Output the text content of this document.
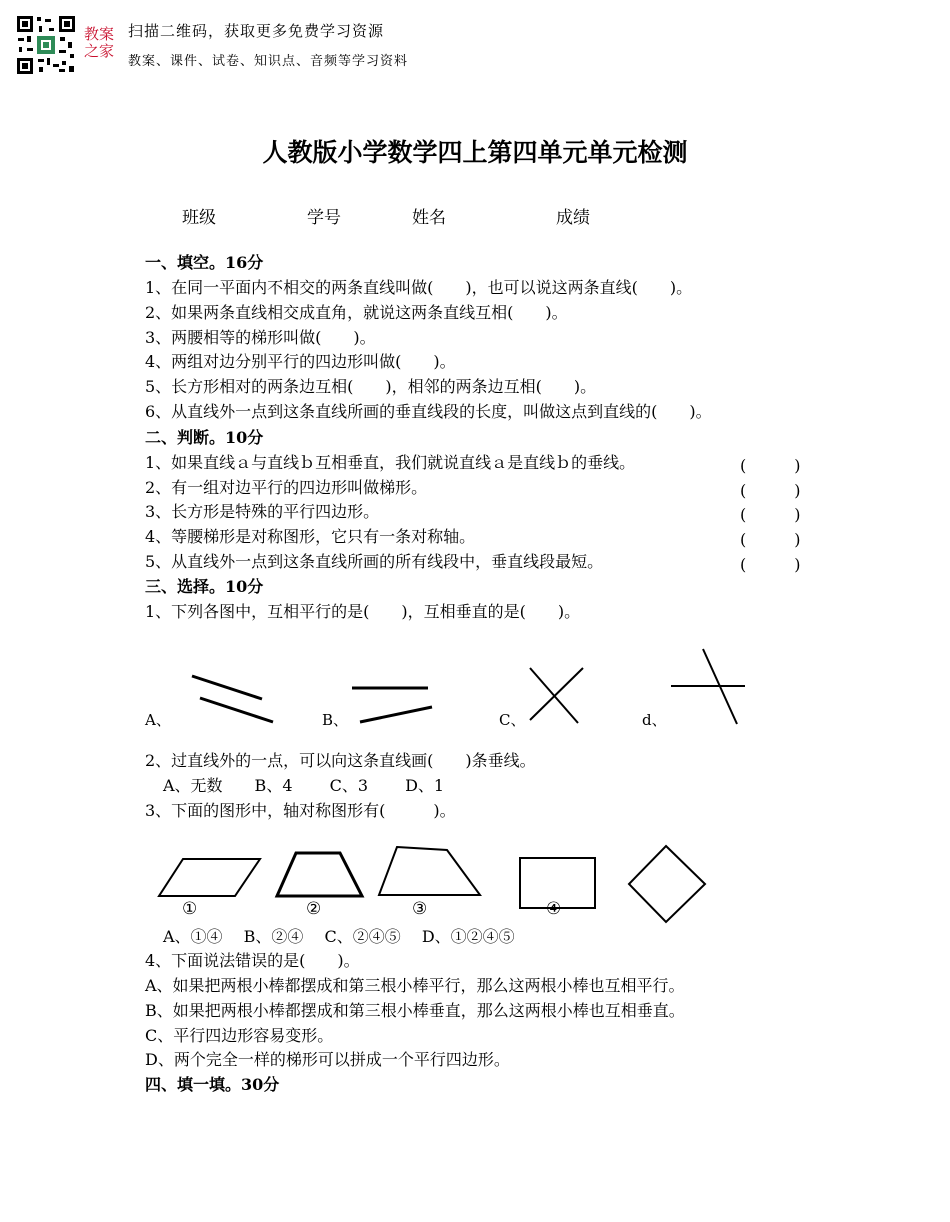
教案之家
扫描二维码，获取更多免费学习资源
教案、课件、试卷、知识点、音频等学习资料
人教版小学数学四上第四单元单元检测
班级	学号	姓名	成绩
一、填空。16分
1、在同一平面内不相交的两条直线叫做(　　)，也可以说这两条直线(　　)。
2、如果两条直线相交成直角，就说这两条直线互相(　　)。
3、两腰相等的梯形叫做(　　)。
4、两组对边分别平行的四边形叫做(　　)。
5、长方形相对的两条边互相(　　)，相邻的两条边互相(　　)。
6、从直线外一点到这条直线所画的垂直线段的长度，叫做这点到直线的(　　)。
二、判断。10分
1、如果直线ａ与直线ｂ互相垂直，我们就说直线ａ是直线ｂ的垂线。	(　　　)
2、有一组对边平行的四边形叫做梯形。	(　　　)
3、长方形是特殊的平行四边形。	(　　　)
4、等腰梯形是对称图形，它只有一条对称轴。	(　　　)
5、从直线外一点到这条直线所画的所有线段中，垂直线段最短。	(　　　)
三、选择。10分
1、下列各图中，互相平行的是(　　)，互相垂直的是(　　)。
A、	B、	C、	d、
2、过直线外的一点，可以向这条直线画(　　)条垂线。
A、无数　　B、4　　 C、3　　 D、1
3、下面的图形中，轴对称图形有(　　　)。
①	②	③	④
A、①④　 B、②④　 C、②④⑤　 D、①②④⑤
4、下面说法错误的是(　　)。
A、如果把两根小棒都摆成和第三根小棒平行，那么这两根小棒也互相平行。
B、如果把两根小棒都摆成和第三根小棒垂直，那么这两根小棒也互相垂直。
C、平行四边形容易变形。
D、两个完全一样的梯形可以拼成一个平行四边形。
四、填一填。30分
